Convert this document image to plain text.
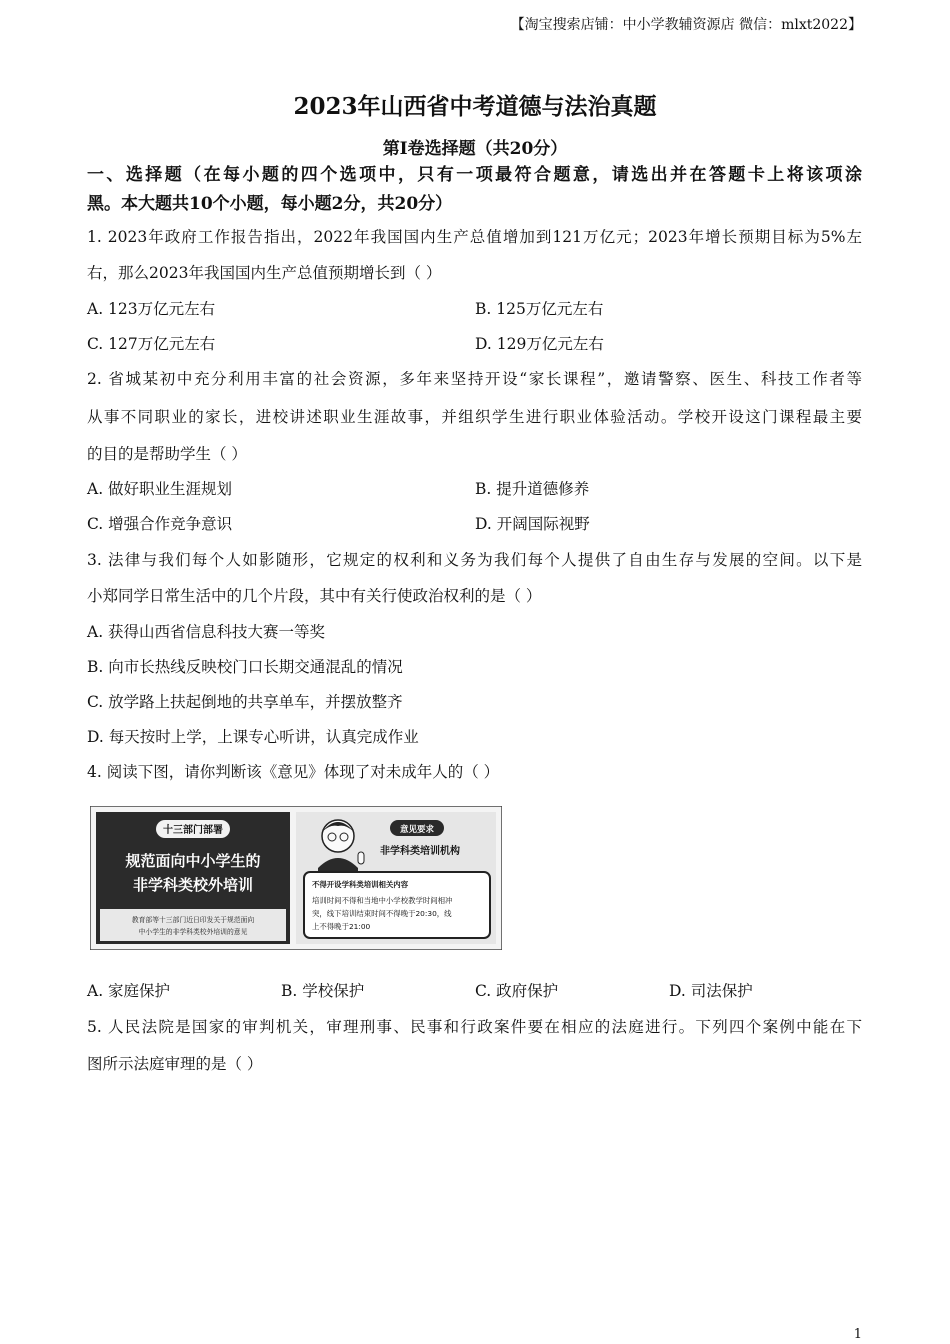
【淘宝搜索店铺：中小学教辅资源店 微信：mlxt2022】
2023年山西省中考道德与法治真题
第Ⅰ卷选择题（共20分）
一、选择题（在每小题的四个选项中，只有一项最符合题意，请选出并在答题卡上将该项涂
黑。本大题共10个小题，每小题2分，共20分）
1. 2023年政府工作报告指出，2022年我国国内生产总值增加到121万亿元；2023年增长预期目标为5%左
右，那么2023年我国国内生产总值预期增长到（ ）
A. 123万亿元左右	B. 125万亿元左右
C. 127万亿元左右	D. 129万亿元左右
2. 省城某初中充分利用丰富的社会资源，多年来坚持开设“家长课程”，邀请警察、医生、科技工作者等
从事不同职业的家长，进校讲述职业生涯故事，并组织学生进行职业体验活动。学校开设这门课程最主要
的目的是帮助学生（ ）
A. 做好职业生涯规划	B. 提升道德修养
C. 增强合作竞争意识	D. 开阔国际视野
3. 法律与我们每个人如影随形，它规定的权利和义务为我们每个人提供了自由生存与发展的空间。以下是
小郑同学日常生活中的几个片段，其中有关行使政治权利的是（ ）
A. 获得山西省信息科技大赛一等奖
B. 向市长热线反映校门口长期交通混乱的情况
C. 放学路上扶起倒地的共享单车，并摆放整齐
D. 每天按时上学，上课专心听讲，认真完成作业
4. 阅读下图，请你判断该《意见》体现了对未成年人的（ ）
十三部门部署
规范面向中小学生的
非学科类校外培训
教育部等十三部门近日印发关于规范面向
中小学生的非学科类校外培训的意见
意见要求
非学科类培训机构
不得开设学科类培训相关内容
培训时间不得和当地中小学校教学时间相冲
突，线下培训结束时间不得晚于20:30，线
上不得晚于21:00
A. 家庭保护	B. 学校保护	C. 政府保护	D. 司法保护
5. 人民法院是国家的审判机关，审理刑事、民事和行政案件要在相应的法庭进行。下列四个案例中能在下
图所示法庭审理的是（ ）
1
